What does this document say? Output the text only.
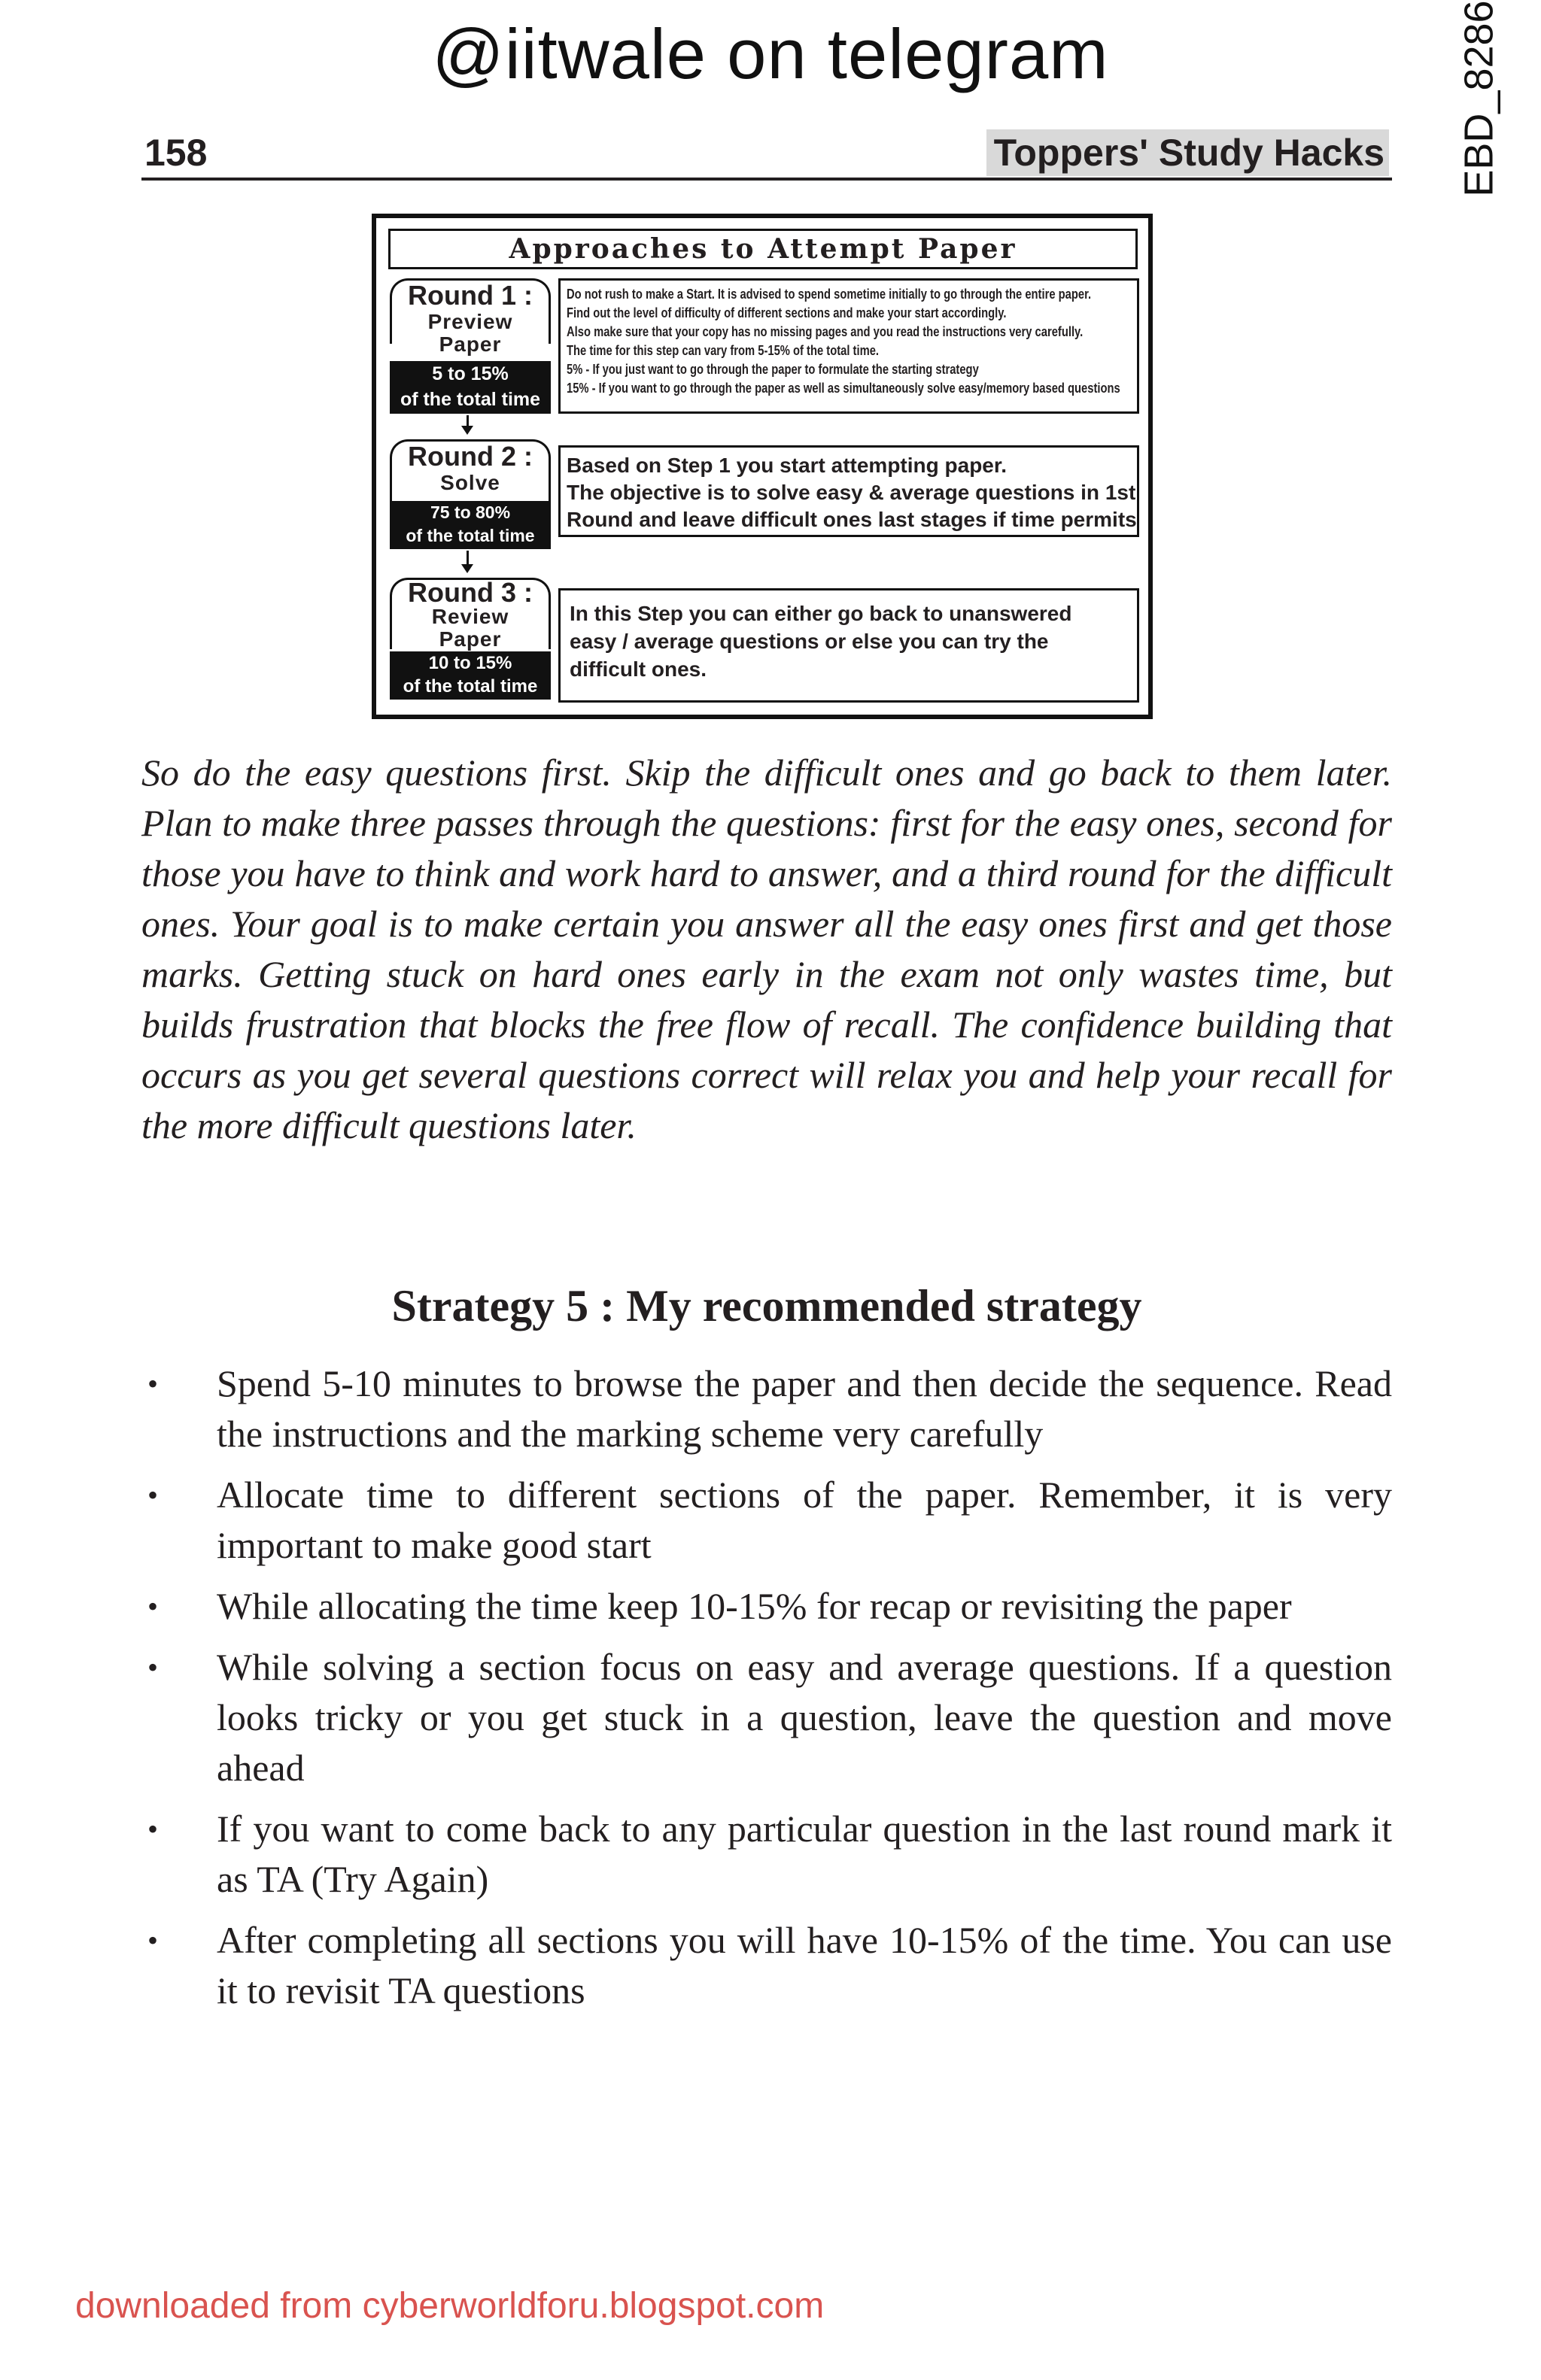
@iitwale on telegram	EBD_8286
158	Toppers' Study Hacks
Approaches to Attempt Paper
Round 1 :
Preview
Paper
5 to 15%
of the total time
Do not rush to make a Start. It is advised to spend sometime initially to go through the entire paper.
Find out the level of difficulty of different sections and make your start accordingly.
Also make sure that your copy has no missing pages and you read the instructions very carefully.
The time for this step can vary from 5-15% of the total time.
5% - If you just want to go through the paper to formulate the starting strategy
15% - If you want to go through the paper as well as simultaneously solve easy/memory based questions
Round 2 :
Solve
75 to 80%
of the total time
Based on Step 1 you start attempting paper.
The objective is to solve easy & average questions in 1st
Round and leave difficult ones last stages if time permits
Round 3 :
Review
Paper
10 to 15%
of the total time
In this Step you can either go back to unanswered
easy / average questions or else you can try the
difficult ones.
So do the easy questions first. Skip the difficult ones and go back to them later. Plan to make three passes through the questions: first for the easy ones, second for those you have to think and work hard to answer, and a third round for the difficult ones. Your goal is to make certain you answer all the easy ones first and get those marks. Getting stuck on hard ones early in the exam not only wastes time, but builds frustration that blocks the free flow of recall. The confidence building that occurs as you get several questions correct will relax you and help your recall for the more difficult questions later.
Strategy 5 : My recommended strategy
• Spend 5-10 minutes to browse the paper and then decide the sequence. Read the instructions and the marking scheme very carefully
• Allocate time to different sections of the paper. Remember, it is very important to make good start
• While allocating the time keep 10-15% for recap or revisiting the paper
• While solving a section focus on easy and average questions. If a question looks tricky or you get stuck in a question, leave the question and move ahead
• If you want to come back to any particular question in the last round mark it as TA (Try Again)
• After completing all sections you will have 10-15% of the time. You can use it to revisit TA questions
downloaded from cyberworldforu.blogspot.com
